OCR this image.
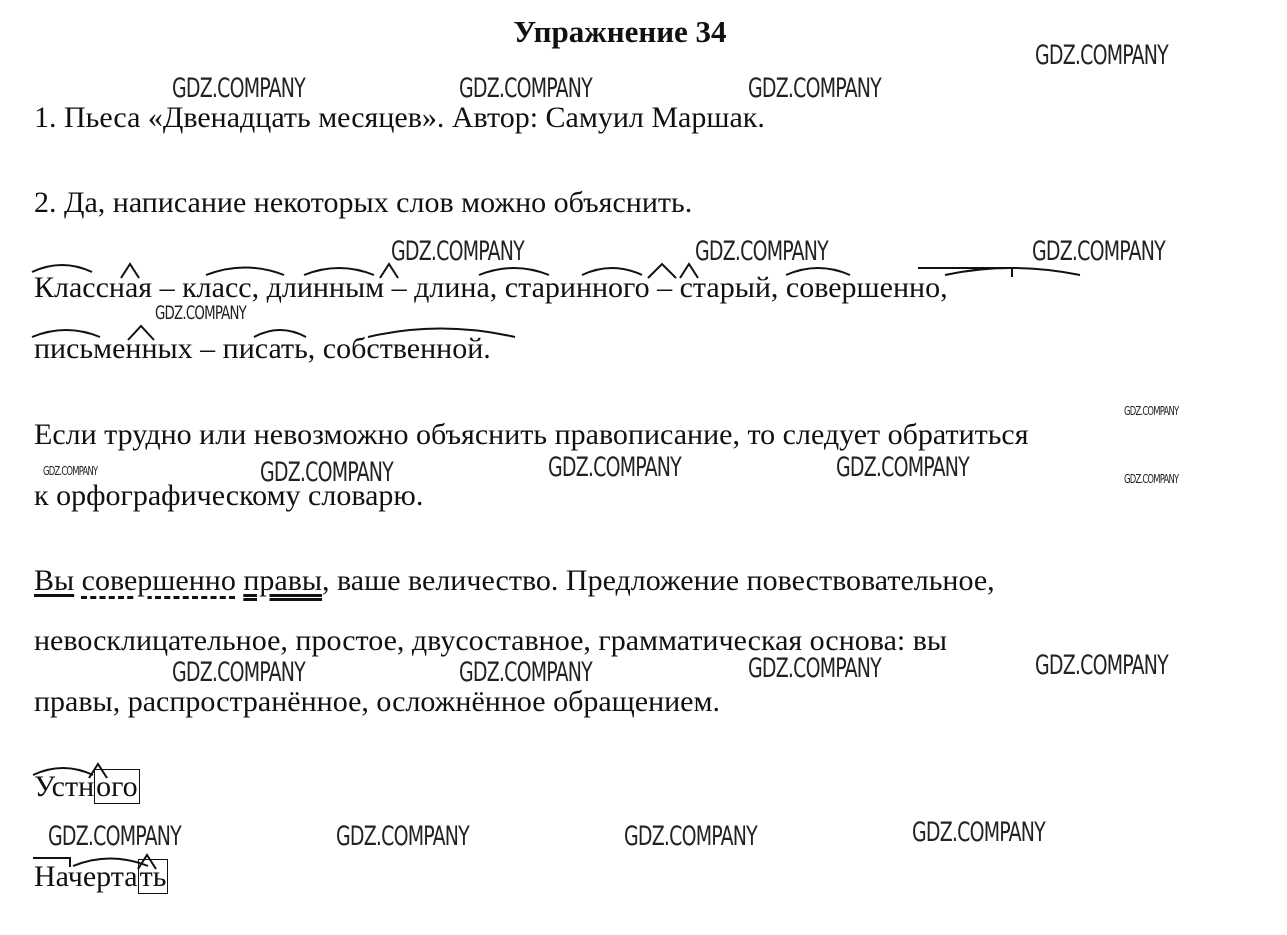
Упражнение 34
1. Пьеса «Двенадцать месяцев». Автор: Самуил Маршак.
2. Да, написание некоторых слов можно объяснить.
Классная – класс, длинным – длина, старинного – старый, совершенно,
письменных – писать, собственной.
Если трудно или невозможно объяснить правописание, то следует обратиться
к орфографическому словарю.
Вы совершенно правы, ваше величество. Предложение повествовательное,
невосклицательное, простое, двусоставное, грамматическая основа: вы
правы, распространённое, осложнённое обращением.
Устного
Начертать
GDZ.COMPANY
GDZ.COMPANY	GDZ.COMPANY	GDZ.COMPANY
GDZ.COMPANY	GDZ.COMPANY	GDZ.COMPANY
GDZ.COMPANY
GDZ.COMPANY
GDZ.COMPANY	GDZ.COMPANY	GDZ.COMPANY	GDZ.COMPANY	GDZ.COMPANY
GDZ.COMPANY
GDZ.COMPANY	GDZ.COMPANY	GDZ.COMPANY
GDZ.COMPANY	GDZ.COMPANY	GDZ.COMPANY	GDZ.COMPANY
